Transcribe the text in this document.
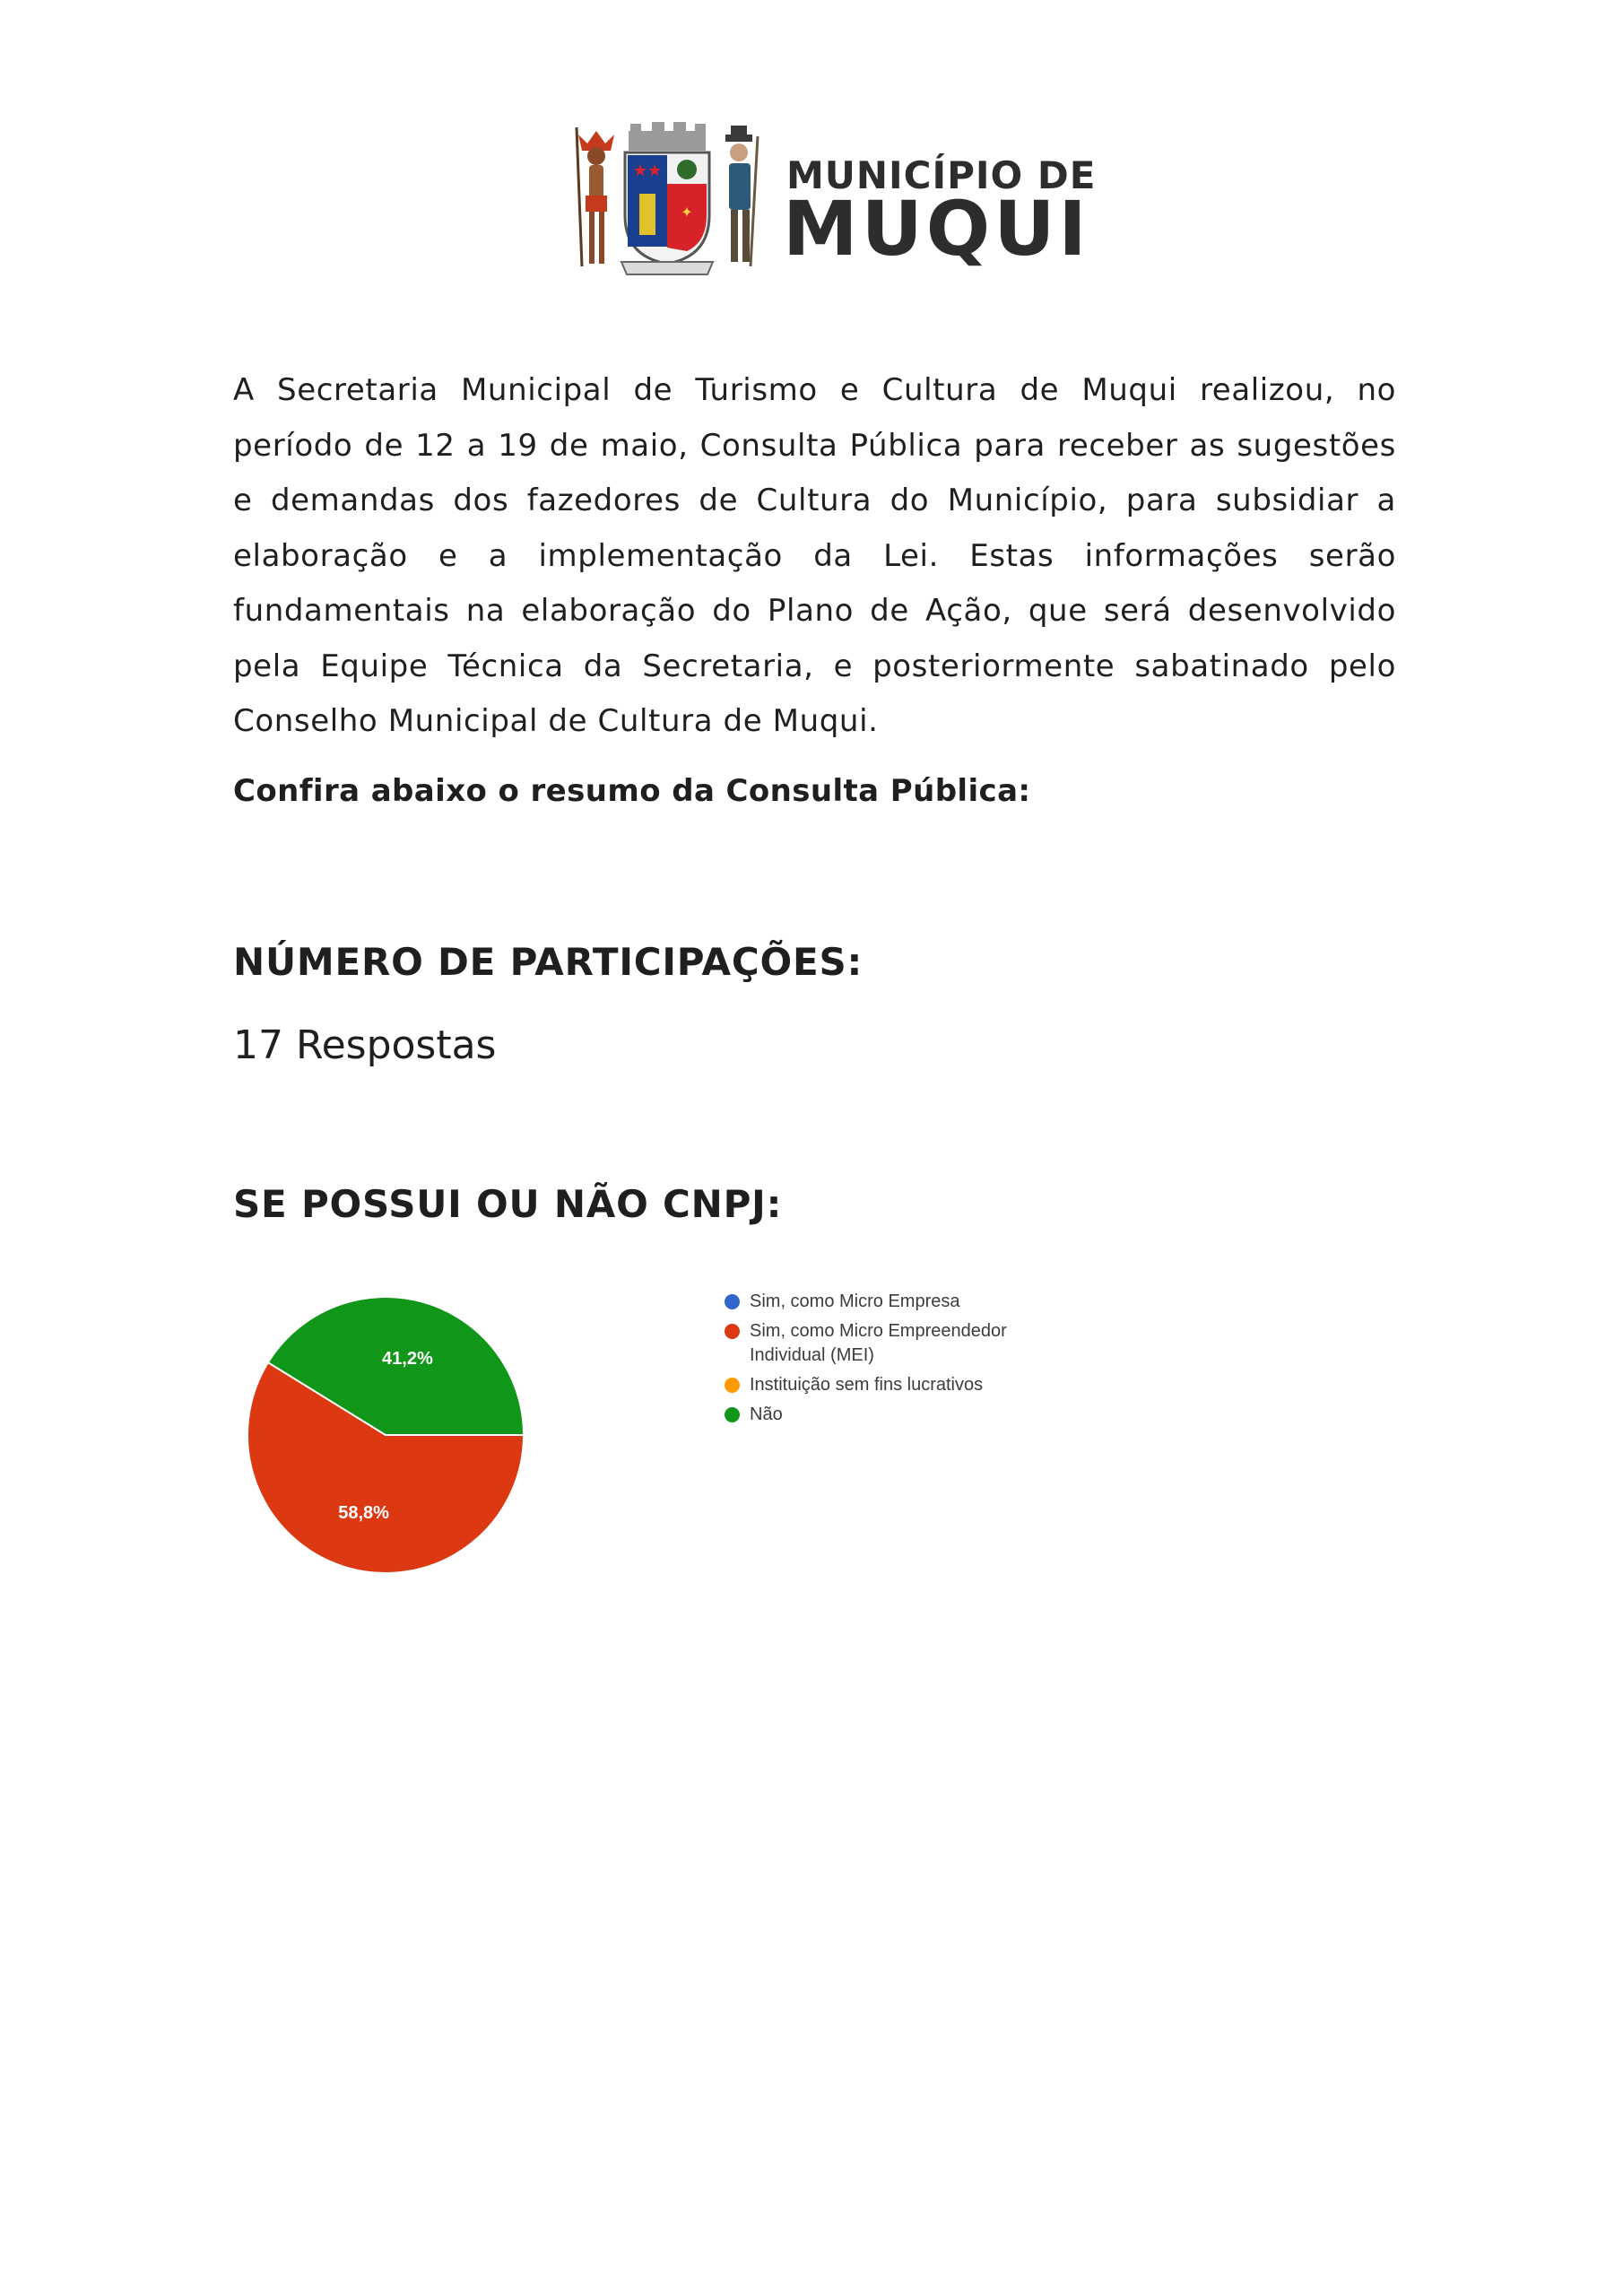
★★
✦
MUNICÍPIO DE
MUQUI

A Secretaria Municipal de Turismo e Cultura de Muqui realizou, no período de 12 a 19 de maio, Consulta Pública para receber as sugestões e demandas dos fazedores de Cultura do Município, para subsidiar a elaboração e a implementação da Lei. Estas informações serão fundamentais na elaboração do Plano de Ação, que será desenvolvido pela Equipe Técnica da Secretaria, e posteriormente sabatinado pelo Conselho Municipal de Cultura de Muqui.

Confira abaixo o resumo da Consulta Pública:

NÚMERO DE PARTICIPAÇÕES:

17 Respostas

SE POSSUI OU NÃO CNPJ:
58,8%
41,2%
Sim, como Micro Empresa
Sim, como Micro Empreendedor Individual (MEI)
Instituição sem fins lucrativos
Não
